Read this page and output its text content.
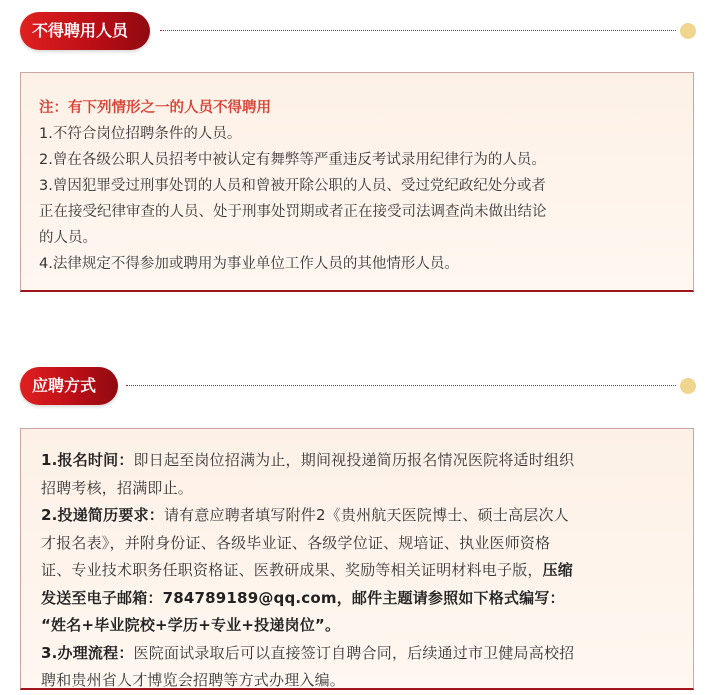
不得聘用人员
注：有下列情形之一的人员不得聘用
1.不符合岗位招聘条件的人员。
2.曾在各级公职人员招考中被认定有舞弊等严重违反考试录用纪律行为的人员。
3.曾因犯罪受过刑事处罚的人员和曾被开除公职的人员、受过党纪政纪处分或者
正在接受纪律审查的人员、处于刑事处罚期或者正在接受司法调查尚未做出结论
的人员。
4.法律规定不得参加或聘用为事业单位工作人员的其他情形人员。
应聘方式
1.报名时间：即日起至岗位招满为止，期间视投递简历报名情况医院将适时组织
招聘考核，招满即止。
2.投递简历要求：请有意应聘者填写附件2《贵州航天医院博士、硕士高层次人
才报名表》，并附身份证、各级毕业证、各级学位证、规培证、执业医师资格
证、专业技术职务任职资格证、医教研成果、奖励等相关证明材料电子版，压缩
发送至电子邮箱：784789189@qq.com，邮件主题请参照如下格式编写：
“姓名+毕业院校+学历+专业+投递岗位”。
3.办理流程：医院面试录取后可以直接签订自聘合同，后续通过市卫健局高校招
聘和贵州省人才博览会招聘等方式办理入编。
